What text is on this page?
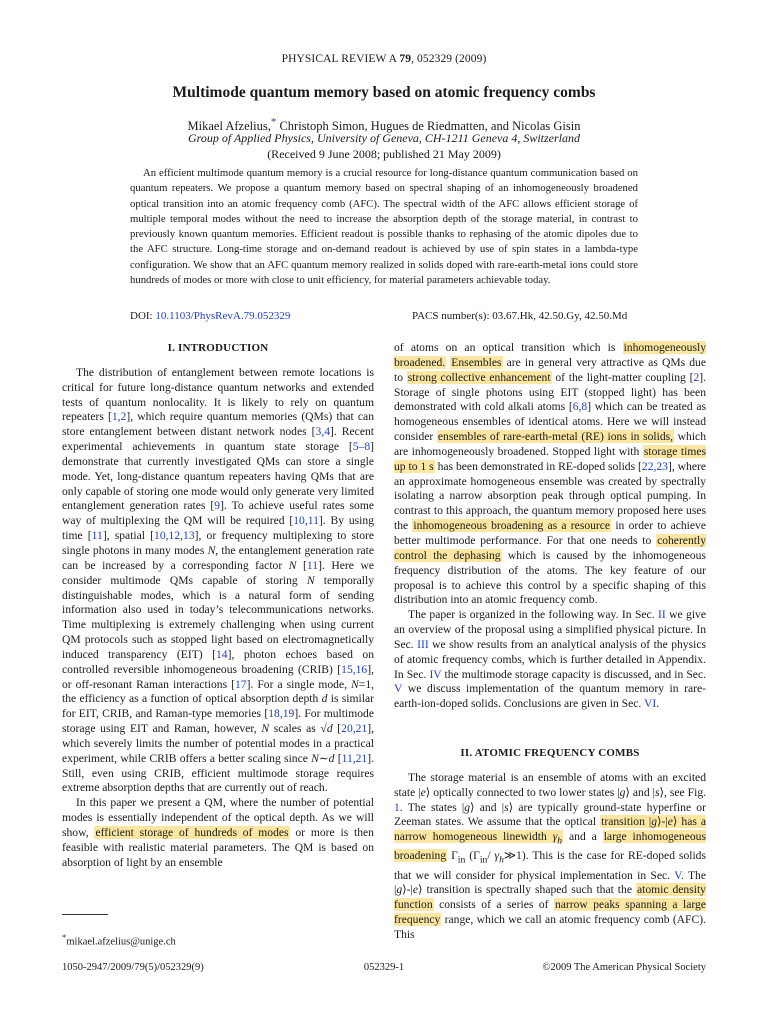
PHYSICAL REVIEW A 79, 052329 (2009)
Multimode quantum memory based on atomic frequency combs
Mikael Afzelius,* Christoph Simon, Hugues de Riedmatten, and Nicolas Gisin
Group of Applied Physics, University of Geneva, CH-1211 Geneva 4, Switzerland
(Received 9 June 2008; published 21 May 2009)

An efficient multimode quantum memory is a crucial resource for long-distance quantum communication based on quantum repeaters. We propose a quantum memory based on spectral shaping of an inhomogeneously broadened optical transition into an atomic frequency comb (AFC). The spectral width of the AFC allows efficient storage of multiple temporal modes without the need to increase the absorption depth of the storage material, in contrast to previously known quantum memories. Efficient readout is possible thanks to rephasing of the atomic dipoles due to the AFC structure. Long-time storage and on-demand readout is achieved by use of spin states in a lambda-type configuration. We show that an AFC quantum memory realized in solids doped with rare-earth-metal ions could store hundreds of modes or more with close to unit efficiency, for material parameters achievable today.

DOI: 10.1103/PhysRevA.79.052329	PACS number(s): 03.67.Hk, 42.50.Gy, 42.50.Md
I. INTRODUCTION

The distribution of entanglement between remote locations is critical for future long-distance quantum networks and extended tests of quantum nonlocality. It is likely to rely on quantum repeaters [1,2], which require quantum memories (QMs) that can store entanglement between distant network nodes [3,4]. Recent experimental achievements in quantum state storage [5–8] demonstrate that currently investigated QMs can store a single mode. Yet, long-distance quantum repeaters having QMs that are only capable of storing one mode would only generate very limited entanglement generation rates [9]. To achieve useful rates some way of multiplexing the QM will be required [10,11]. By using time [11], spatial [10,12,13], or frequency multiplexing to store single photons in many modes N, the entanglement generation rate can be increased by a corresponding factor N [11]. Here we consider multimode QMs capable of storing N temporally distinguishable modes, which is a natural form of sending information also used in today’s telecommunications networks. Time multiplexing is extremely challenging when using current QM protocols such as stopped light based on electromagnetically induced transparency (EIT) [14], photon echoes based on controlled reversible inhomogeneous broadening (CRIB) [15,16], or off-resonant Raman interactions [17]. For a single mode, N=1, the efficiency as a function of optical absorption depth d is similar for EIT, CRIB, and Raman-type memories [18,19]. For multimode storage using EIT and Raman, however, N scales as √d [20,21], which severely limits the number of potential modes in a practical experiment, while CRIB offers a better scaling since N∼d [11,21]. Still, even using CRIB, efficient multimode storage requires extreme absorption depths that are currently out of reach.

In this paper we present a QM, where the number of potential modes is essentially independent of the optical depth. As we will show, efficient storage of hundreds of modes or more is then feasible with realistic material parameters. The QM is based on absorption of light by an ensemble

of atoms on an optical transition which is inhomogeneously broadened. Ensembles are in general very attractive as QMs due to strong collective enhancement of the light-matter coupling [2]. Storage of single photons using EIT (stopped light) has been demonstrated with cold alkali atoms [6,8] which can be treated as homogeneous ensembles of identical atoms. Here we will instead consider ensembles of rare-earth-metal (RE) ions in solids, which are inhomogeneously broadened. Stopped light with storage times up to 1 s has been demonstrated in RE-doped solids [22,23], where an approximate homogeneous ensemble was created by spectrally isolating a narrow absorption peak through optical pumping. In contrast to this approach, the quantum memory proposed here uses the inhomogeneous broadening as a resource in order to achieve better multimode performance. For that one needs to coherently control the dephasing which is caused by the inhomogeneous frequency distribution of the atoms. The key feature of our proposal is to achieve this control by a specific shaping of this distribution into an atomic frequency comb.

The paper is organized in the following way. In Sec. II we give an overview of the proposal using a simplified physical picture. In Sec. III we show results from an analytical analysis of the physics of atomic frequency combs, which is further detailed in Appendix. In Sec. IV the multimode storage capacity is discussed, and in Sec. V we discuss implementation of the quantum memory in rare-earth-ion-doped solids. Conclusions are given in Sec. VI.

II. ATOMIC FREQUENCY COMBS

The storage material is an ensemble of atoms with an excited state |e⟩ optically connected to two lower states |g⟩ and |s⟩, see Fig. 1. The states |g⟩ and |s⟩ are typically ground-state hyperfine or Zeeman states. We assume that the optical transition |g⟩-|e⟩ has a narrow homogeneous linewidth $\gamma_h$ and a large inhomogeneous broadening $\Gamma_{in}$ ($\Gamma_{in}/$ $\gamma_h≫1$). This is the case for RE-doped solids that we will consider for physical implementation in Sec. V. The |g⟩-|e⟩ transition is spectrally shaped such that the atomic density function consists of a series of narrow peaks spanning a large frequency range, which we call an atomic frequency comb (AFC). This

*mikael.afzelius@unige.ch
1050-2947/2009/79(5)/052329(9)	052329-1	©2009 The American Physical Society
